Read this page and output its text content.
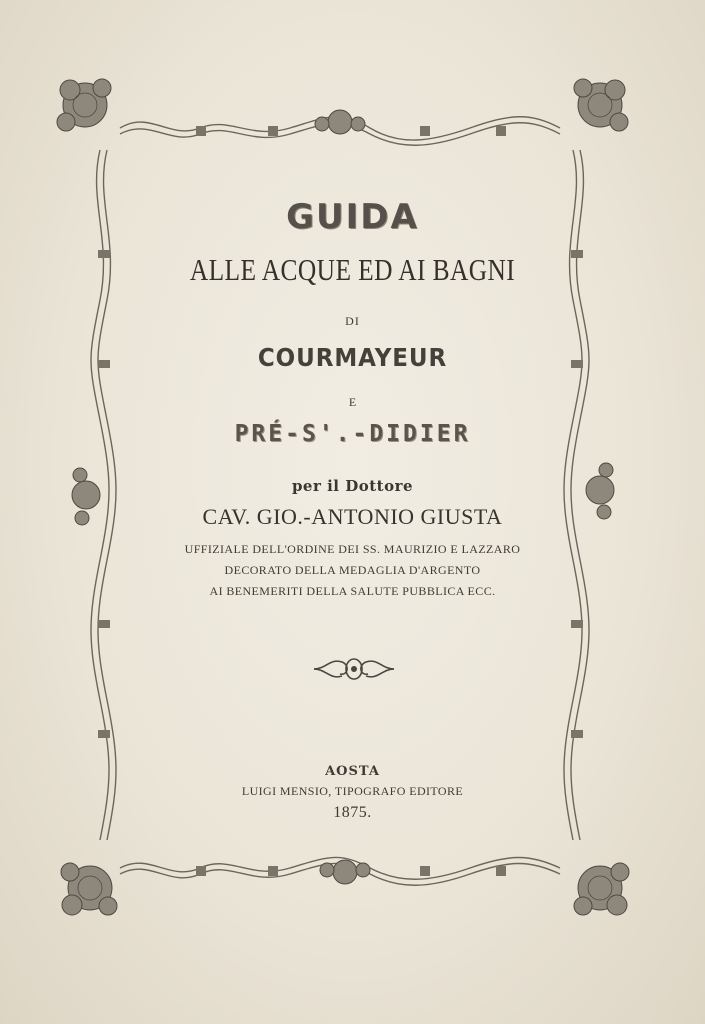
GUIDA
ALLE ACQUE ED AI BAGNI
DI
COURMAYEUR
E
PRÉ-S'.-DIDIER
per il Dottore
CAV. GIO.-ANTONIO GIUSTA
UFFIZIALE DELL'ORDINE DEI SS. MAURIZIO E LAZZARO
DECORATO DELLA MEDAGLIA D'ARGENTO
AI BENEMERITI DELLA SALUTE PUBBLICA ECC.
AOSTA
LUIGI MENSIO, TIPOGRAFO EDITORE
1875.
